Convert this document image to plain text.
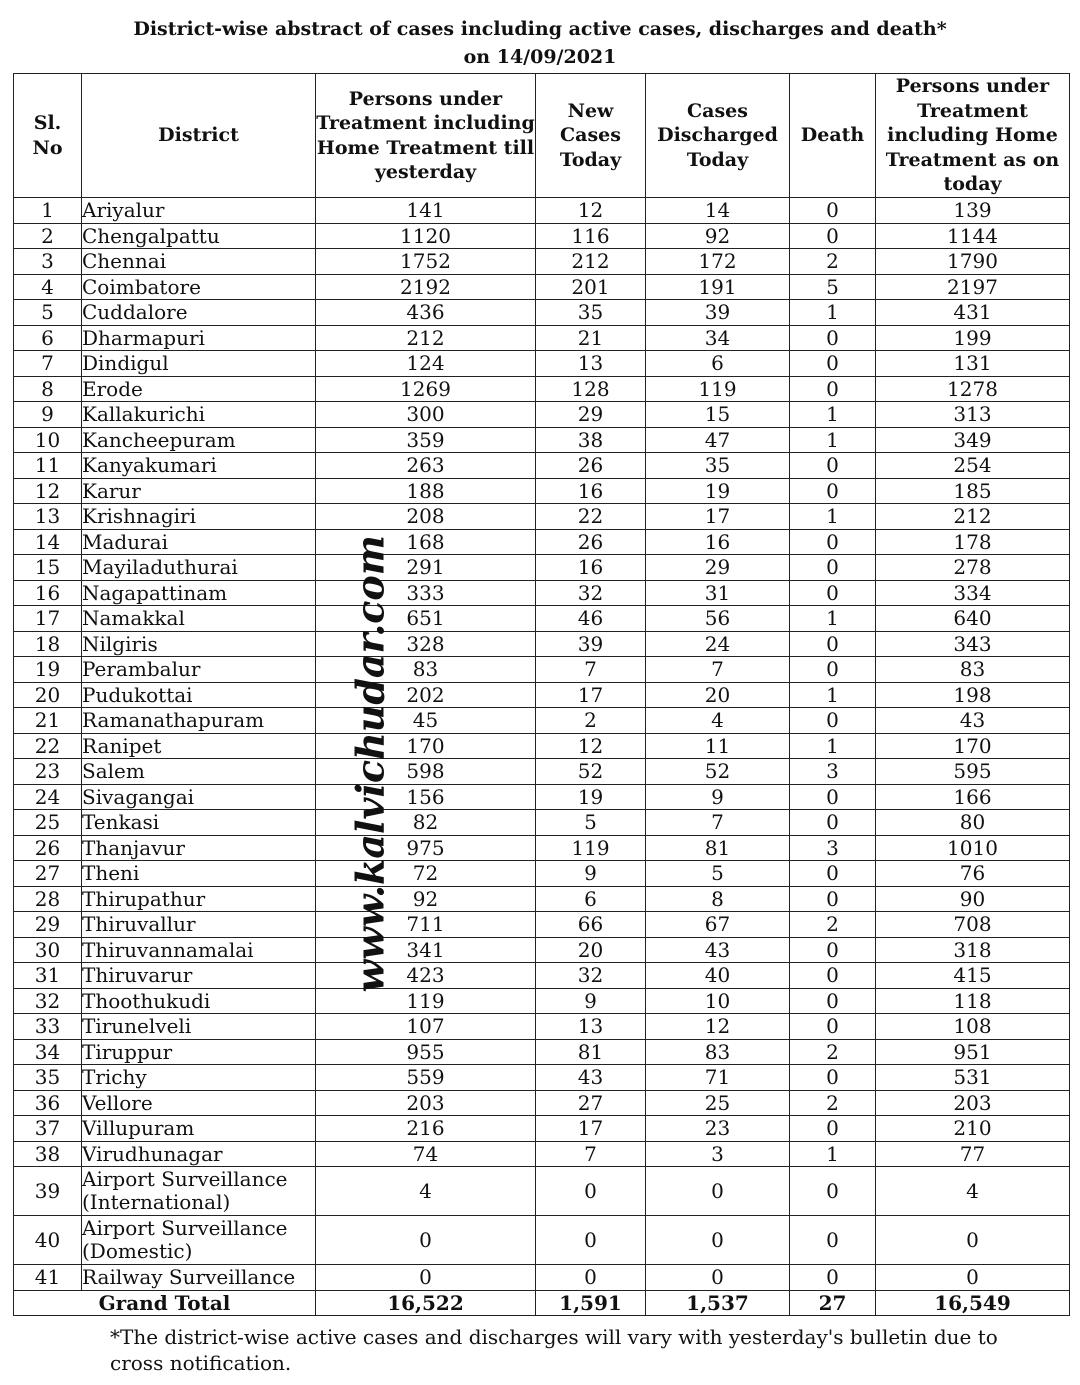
District-wise abstract of cases including active cases, discharges and death*
on 14/09/2021
Sl. No	District	Persons under Treatment including Home Treatment till yesterday	New Cases Today	Cases Discharged Today	Death	Persons under Treatment including Home Treatment as on today
1	Ariyalur	141	12	14	0	139
2	Chengalpattu	1120	116	92	0	1144
3	Chennai	1752	212	172	2	1790
4	Coimbatore	2192	201	191	5	2197
5	Cuddalore	436	35	39	1	431
6	Dharmapuri	212	21	34	0	199
7	Dindigul	124	13	6	0	131
8	Erode	1269	128	119	0	1278
9	Kallakurichi	300	29	15	1	313
10	Kancheepuram	359	38	47	1	349
11	Kanyakumari	263	26	35	0	254
12	Karur	188	16	19	0	185
13	Krishnagiri	208	22	17	1	212
14	Madurai	168	26	16	0	178
15	Mayiladuthurai	291	16	29	0	278
16	Nagapattinam	333	32	31	0	334
17	Namakkal	651	46	56	1	640
18	Nilgiris	328	39	24	0	343
19	Perambalur	83	7	7	0	83
20	Pudukottai	202	17	20	1	198
21	Ramanathapuram	45	2	4	0	43
22	Ranipet	170	12	11	1	170
23	Salem	598	52	52	3	595
24	Sivagangai	156	19	9	0	166
25	Tenkasi	82	5	7	0	80
26	Thanjavur	975	119	81	3	1010
27	Theni	72	9	5	0	76
28	Thirupathur	92	6	8	0	90
29	Thiruvallur	711	66	67	2	708
30	Thiruvannamalai	341	20	43	0	318
31	Thiruvarur	423	32	40	0	415
32	Thoothukudi	119	9	10	0	118
33	Tirunelveli	107	13	12	0	108
34	Tiruppur	955	81	83	2	951
35	Trichy	559	43	71	0	531
36	Vellore	203	27	25	2	203
37	Villupuram	216	17	23	0	210
38	Virudhunagar	74	7	3	1	77
39	Airport Surveillance (International)	4	0	0	0	4
40	Airport Surveillance (Domestic)	0	0	0	0	0
41	Railway Surveillance	0	0	0	0	0
Grand Total		16,522	1,591	1,537	27	16,549
www.kalvichudar.com
*The district-wise active cases and discharges will vary with yesterday's bulletin due to cross notification.
